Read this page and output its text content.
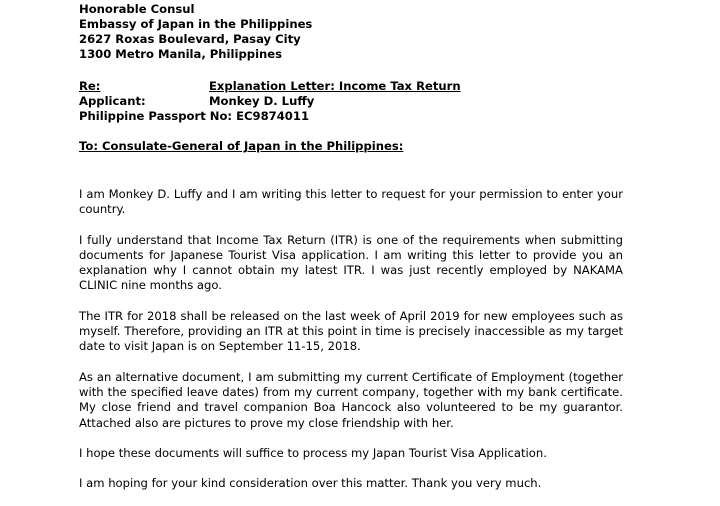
Honorable Consul
Embassy of Japan in the Philippines
2627 Roxas Boulevard, Pasay City
1300 Metro Manila, Philippines
Re:	Explanation Letter: Income Tax Return
Applicant:	Monkey D. Luffy
Philippine Passport No: EC9874011
To: Consulate-General of Japan in the Philippines:

I am Monkey D. Luffy and I am writing this letter to request for your permission to enter your country.

I fully understand that Income Tax Return (ITR) is one of the requirements when submitting documents for Japanese Tourist Visa application. I am writing this letter to provide you an explanation why I cannot obtain my latest ITR. I was just recently employed by NAKAMA CLINIC nine months ago.

The ITR for 2018 shall be released on the last week of April 2019 for new employees such as myself. Therefore, providing an ITR at this point in time is precisely inaccessible as my target date to visit Japan is on September 11-15, 2018.

As an alternative document, I am submitting my current Certificate of Employment (together with the specified leave dates) from my current company, together with my bank certificate. My close friend and travel companion Boa Hancock also volunteered to be my guarantor. Attached also are pictures to prove my close friendship with her.

I hope these documents will suffice to process my Japan Tourist Visa Application.

I am hoping for your kind consideration over this matter. Thank you very much.
